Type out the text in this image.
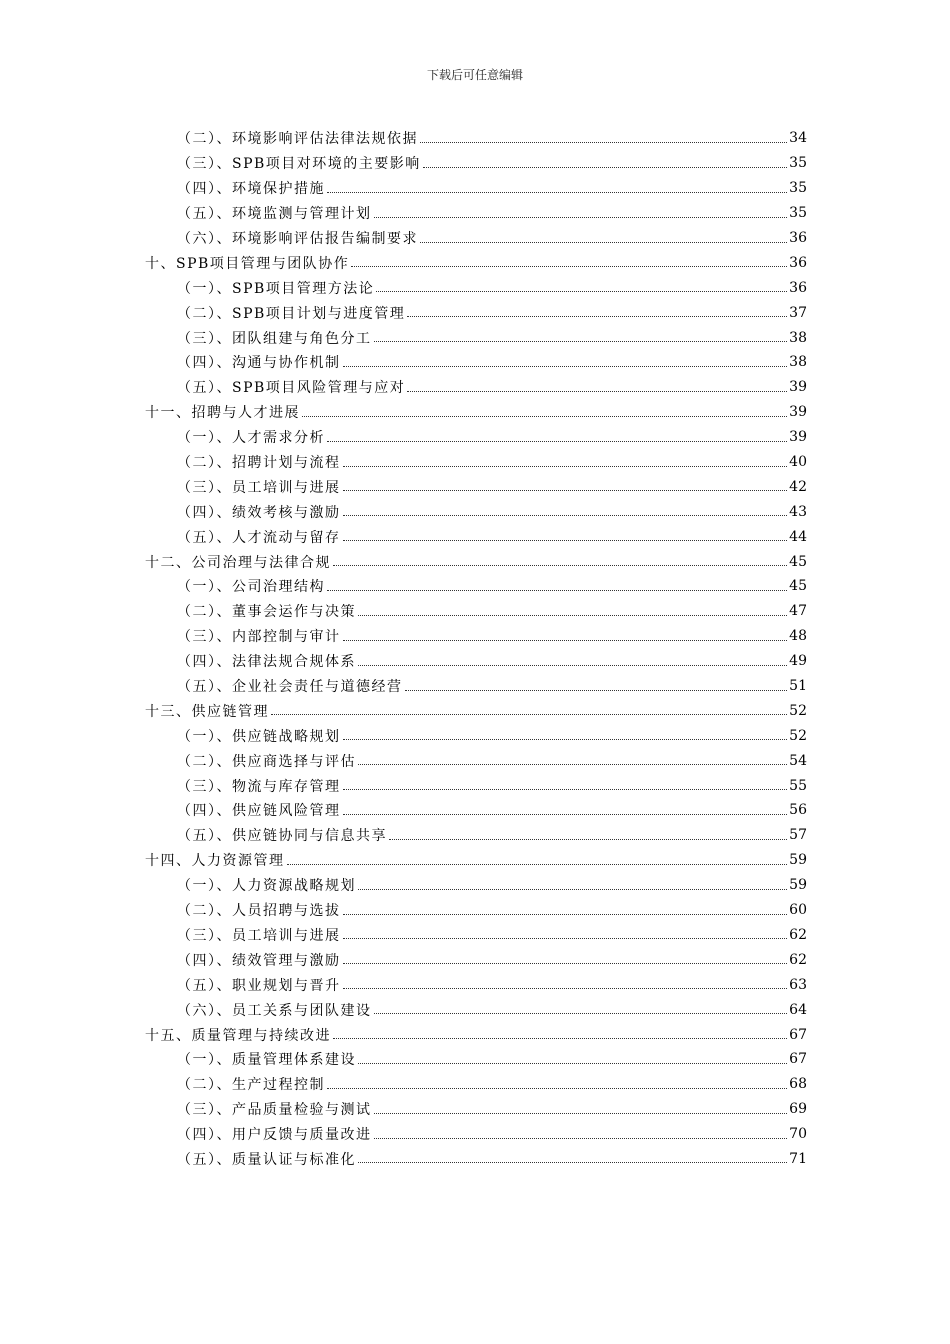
下载后可任意编辑
（二）、环境影响评估法律法规依据	34
（三）、SPB项目对环境的主要影响	35
（四）、环境保护措施	35
（五）、环境监测与管理计划	35
（六）、环境影响评估报告编制要求	36
十、SPB项目管理与团队协作	36
（一）、SPB项目管理方法论	36
（二）、SPB项目计划与进度管理	37
（三）、团队组建与角色分工	38
（四）、沟通与协作机制	38
（五）、SPB项目风险管理与应对	39
十一、招聘与人才进展	39
（一）、人才需求分析	39
（二）、招聘计划与流程	40
（三）、员工培训与进展	42
（四）、绩效考核与激励	43
（五）、人才流动与留存	44
十二、公司治理与法律合规	45
（一）、公司治理结构	45
（二）、董事会运作与决策	47
（三）、内部控制与审计	48
（四）、法律法规合规体系	49
（五）、企业社会责任与道德经营	51
十三、供应链管理	52
（一）、供应链战略规划	52
（二）、供应商选择与评估	54
（三）、物流与库存管理	55
（四）、供应链风险管理	56
（五）、供应链协同与信息共享	57
十四、人力资源管理	59
（一）、人力资源战略规划	59
（二）、人员招聘与选拔	60
（三）、员工培训与进展	62
（四）、绩效管理与激励	62
（五）、职业规划与晋升	63
（六）、员工关系与团队建设	64
十五、质量管理与持续改进	67
（一）、质量管理体系建设	67
（二）、生产过程控制	68
（三）、产品质量检验与测试	69
（四）、用户反馈与质量改进	70
（五）、质量认证与标准化	71
